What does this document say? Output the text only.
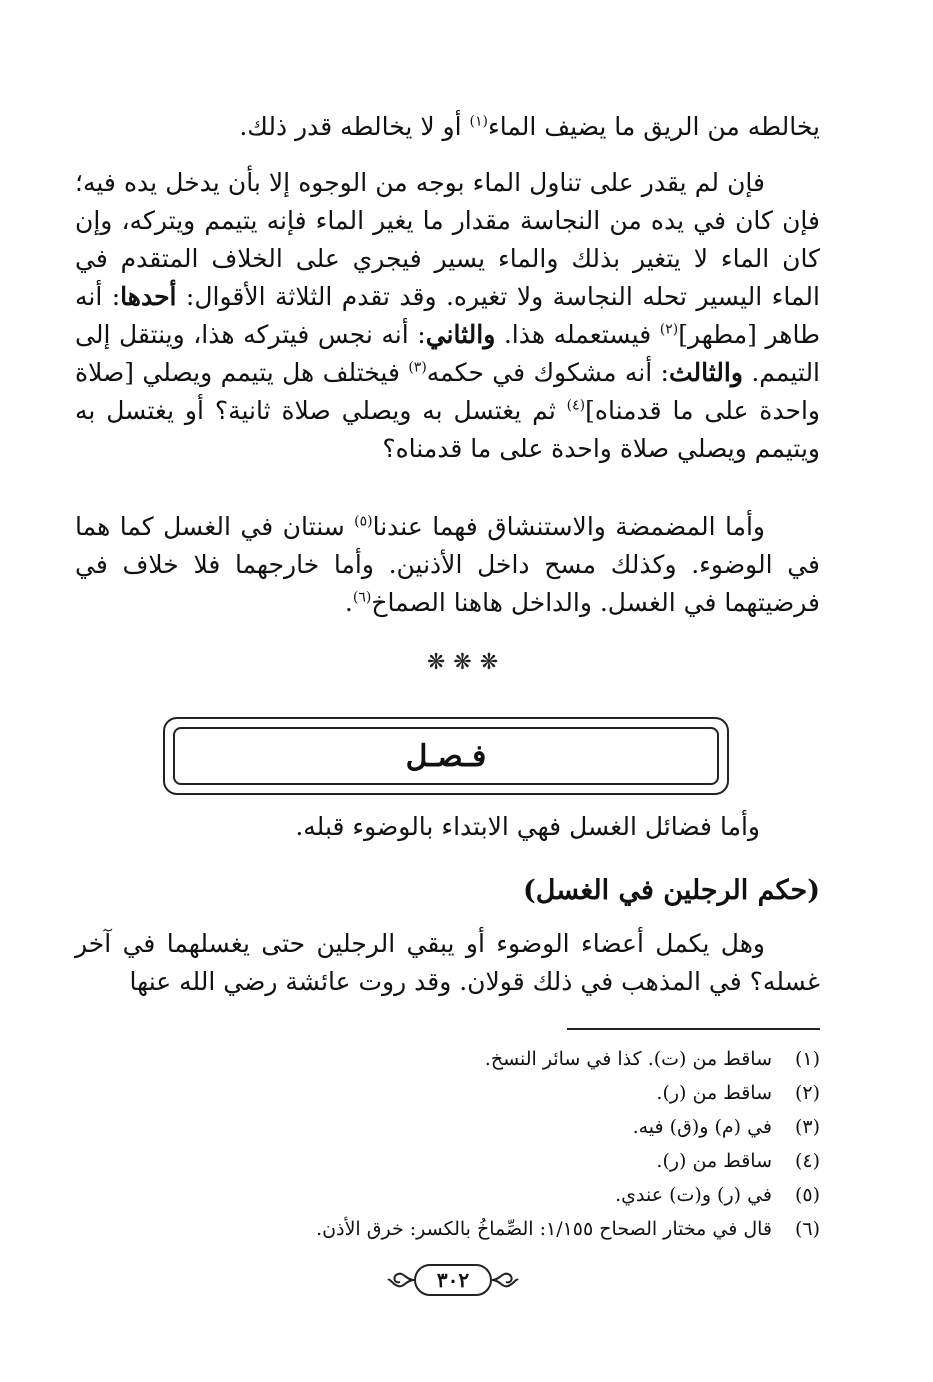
يخالطه من الريق ما يضيف الماء$^{(١)}$ أو لا يخالطه قدر ذلك.

فإن لم يقدر على تناول الماء بوجه من الوجوه إلا بأن يدخل يده فيه؛ فإن كان في يده من النجاسة مقدار ما يغير الماء فإنه يتيمم ويتركه، وإن كان الماء لا يتغير بذلك والماء يسير فيجري على الخلاف المتقدم في الماء اليسير تحله النجاسة ولا تغيره. وقد تقدم الثلاثة الأقوال: أحدها: أنه طاهر [مطهر]$^{(٢)}$ فيستعمله هذا. والثاني: أنه نجس فيتركه هذا، وينتقل إلى التيمم. والثالث: أنه مشكوك في حكمه$^{(٣)}$ فيختلف هل يتيمم ويصلي [صلاة واحدة على ما قدمناه]$^{(٤)}$ ثم يغتسل به ويصلي صلاة ثانية؟ أو يغتسل به ويتيمم ويصلي صلاة واحدة على ما قدمناه؟

وأما المضمضة والاستنشاق فهما عندنا$^{(٥)}$ سنتان في الغسل كما هما في الوضوء. وكذلك مسح داخل الأذنين. وأما خارجهما فلا خلاف في فرضيتهما في الغسل. والداخل هاهنا الصماخ$^{(٦)}$.

❋❋❋
فـصـل
وأما فضائل الغسل فهي الابتداء بالوضوء قبله.
(حكم الرجلين في الغسل)

وهل يكمل أعضاء الوضوء أو يبقي الرجلين حتى يغسلهما في آخر غسله؟ في المذهب في ذلك قولان. وقد روت عائشة رضي الله عنها

(١)
ساقط من (ت). كذا في سائر النسخ.
(٢)
ساقط من (ر).
(٣)
في (م) و(ق) فيه.
(٤)
ساقط من (ر).
(٥)
في (ر) و(ت) عندي.
(٦)
قال في مختار الصحاح ١/١٥٥: الصِّماخُ بالكسر: خرق الأذن.
٣٠٢
